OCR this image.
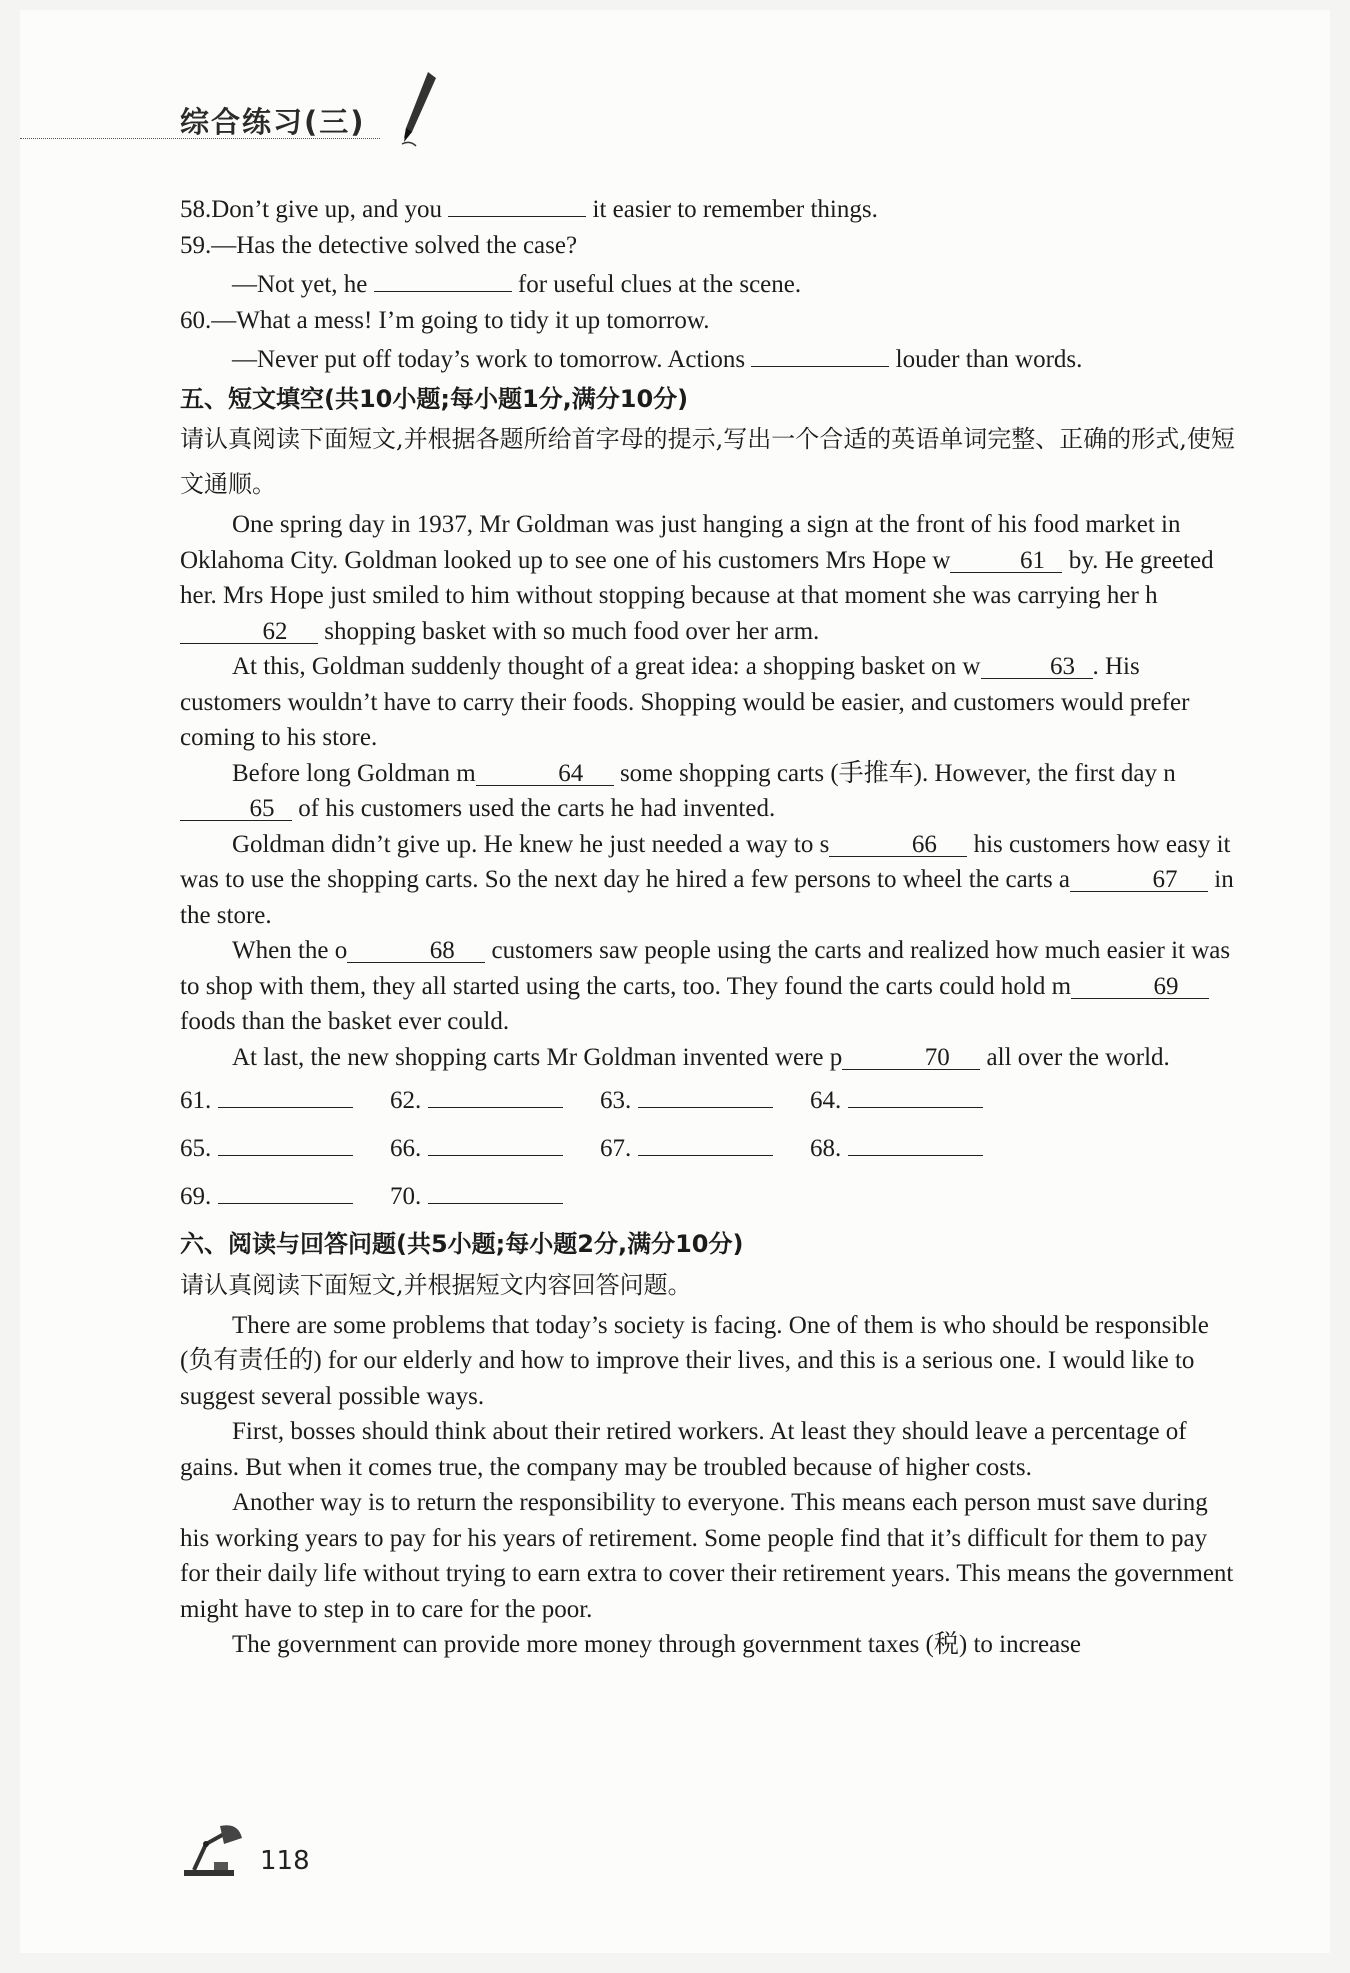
综合练习(三)
58.Don’t give up, and you	it easier to remember things.
59.—Has the detective solved the case?
—Not yet, he	for useful clues at the scene.
60.—What a mess! I’m going to tidy it up tomorrow.
—Never put off today’s work to tomorrow. Actions	louder than words.
五、短文填空(共10小题;每小题1分,满分10分)
请认真阅读下面短文,并根据各题所给首字母的提示,写出一个合适的英语单词完整、正确的形式,使短文通顺。
One spring day in 1937, Mr Goldman was just hanging a sign at the front of his food market in Oklahoma City. Goldman looked up to see one of his customers Mrs Hope w	61 by. He greeted her. Mrs Hope just smiled to him without stopping because at that moment she was carrying her h62 shopping basket with so much food over her arm.
At this, Goldman suddenly thought of a great idea: a shopping basket on w	63 . His customers wouldn’t have to carry their foods. Shopping would be easier, and customers would prefer coming to his store.
Before long Goldman m	64 some shopping carts (手推车). However, the first day n65 of his customers used the carts he had invented.
Goldman didn’t give up. He knew he just needed a way to s	66 his customers how easy it was to use the shopping carts. So the next day he hired a few persons to wheel the carts a	67 in the store.
When the o	68 customers saw people using the carts and realized how much easier it was to shop with them, they all started using the carts, too. They found the carts could hold m	69 foods than the basket ever could.
At last, the new shopping carts Mr Goldman invented were p	70 all over the world.
61.	62.	63.	64.
65.	66.	67.	68.
69.	70.
六、阅读与回答问题(共5小题;每小题2分,满分10分)
请认真阅读下面短文,并根据短文内容回答问题。
There are some problems that today’s society is facing. One of them is who should be responsible (负有责任的) for our elderly and how to improve their lives, and this is a serious one. I would like to suggest several possible ways.
First, bosses should think about their retired workers. At least they should leave a percentage of gains. But when it comes true, the company may be troubled because of higher costs.
Another way is to return the responsibility to everyone. This means each person must save during his working years to pay for his years of retirement. Some people find that it’s difficult for them to pay for their daily life without trying to earn extra to cover their retirement years. This means the government might have to step in to care for the poor.
The government can provide more money through government taxes (税) to increase
118
